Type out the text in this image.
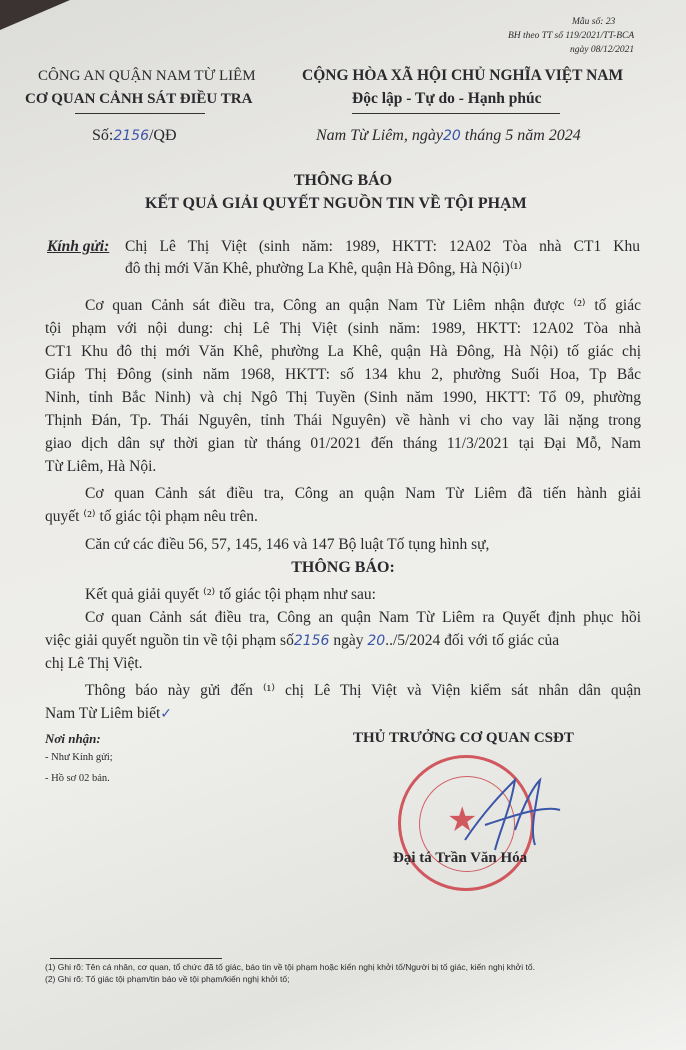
Mẫu số: 23
BH theo TT số 119/2021/TT-BCA
ngày 08/12/2021
CÔNG AN QUẬN NAM TỪ LIÊM
CƠ QUAN CẢNH SÁT ĐIỀU TRA
CỘNG HÒA XÃ HỘI CHỦ NGHĨA VIỆT NAM
Độc lập - Tự do - Hạnh phúc
Số:2156/QĐ	Nam Từ Liêm, ngày20 tháng 5 năm 2024
THÔNG BÁO
KẾT QUẢ GIẢI QUYẾT NGUỒN TIN VỀ TỘI PHẠM
Kính gửi: Chị Lê Thị Việt (sinh năm: 1989, HKTT: 12A02 Tòa nhà CT1 Khu
đô thị mới Văn Khê, phường La Khê, quận Hà Đông, Hà Nội)⁽¹⁾
Cơ quan Cảnh sát điều tra, Công an quận Nam Từ Liêm nhận được ⁽²⁾ tố giác
tội phạm với nội dung: chị Lê Thị Việt (sinh năm: 1989, HKTT: 12A02 Tòa nhà
CT1 Khu đô thị mới Văn Khê, phường La Khê, quận Hà Đông, Hà Nội) tố giác chị
Giáp Thị Đông (sinh năm 1968, HKTT: số 134 khu 2, phường Suối Hoa, Tp Bắc
Ninh, tỉnh Bắc Ninh) và chị Ngô Thị Tuyền (Sinh năm 1990, HKTT: Tổ 09, phường
Thịnh Đán, Tp. Thái Nguyên, tỉnh Thái Nguyên) về hành vi cho vay lãi nặng trong
giao dịch dân sự thời gian từ tháng 01/2021 đến tháng 11/3/2021 tại Đại Mỗ, Nam
Từ Liêm, Hà Nội.
Cơ quan Cảnh sát điều tra, Công an quận Nam Từ Liêm đã tiến hành giải
quyết ⁽²⁾ tố giác tội phạm nêu trên.
Căn cứ các điều 56, 57, 145, 146 và 147 Bộ luật Tố tụng hình sự,
THÔNG BÁO:
Kết quả giải quyết ⁽²⁾ tố giác tội phạm như sau:
Cơ quan Cảnh sát điều tra, Công an quận Nam Từ Liêm ra Quyết định phục hồi
việc giải quyết nguồn tin về tội phạm số2156 ngày 20../5/2024 đối với tố giác của
chị Lê Thị Việt.
Thông báo này gửi đến ⁽¹⁾ chị Lê Thị Việt và Viện kiểm sát nhân dân quận
Nam Từ Liêm biết✓
Nơi nhận:
- Như Kính gửi;
- Hồ sơ 02 bản.
THỦ TRƯỞNG CƠ QUAN CSĐT
★
Đại tá Trần Văn Hóa
(1) Ghi rõ: Tên cá nhân, cơ quan, tổ chức đã tố giác, báo tin về tội phạm hoặc kiến nghị khởi tố/Người bị tố giác, kiến nghị khởi tố.
(2) Ghi rõ: Tố giác tội phạm/tin báo về tội phạm/kiến nghị khởi tố;
